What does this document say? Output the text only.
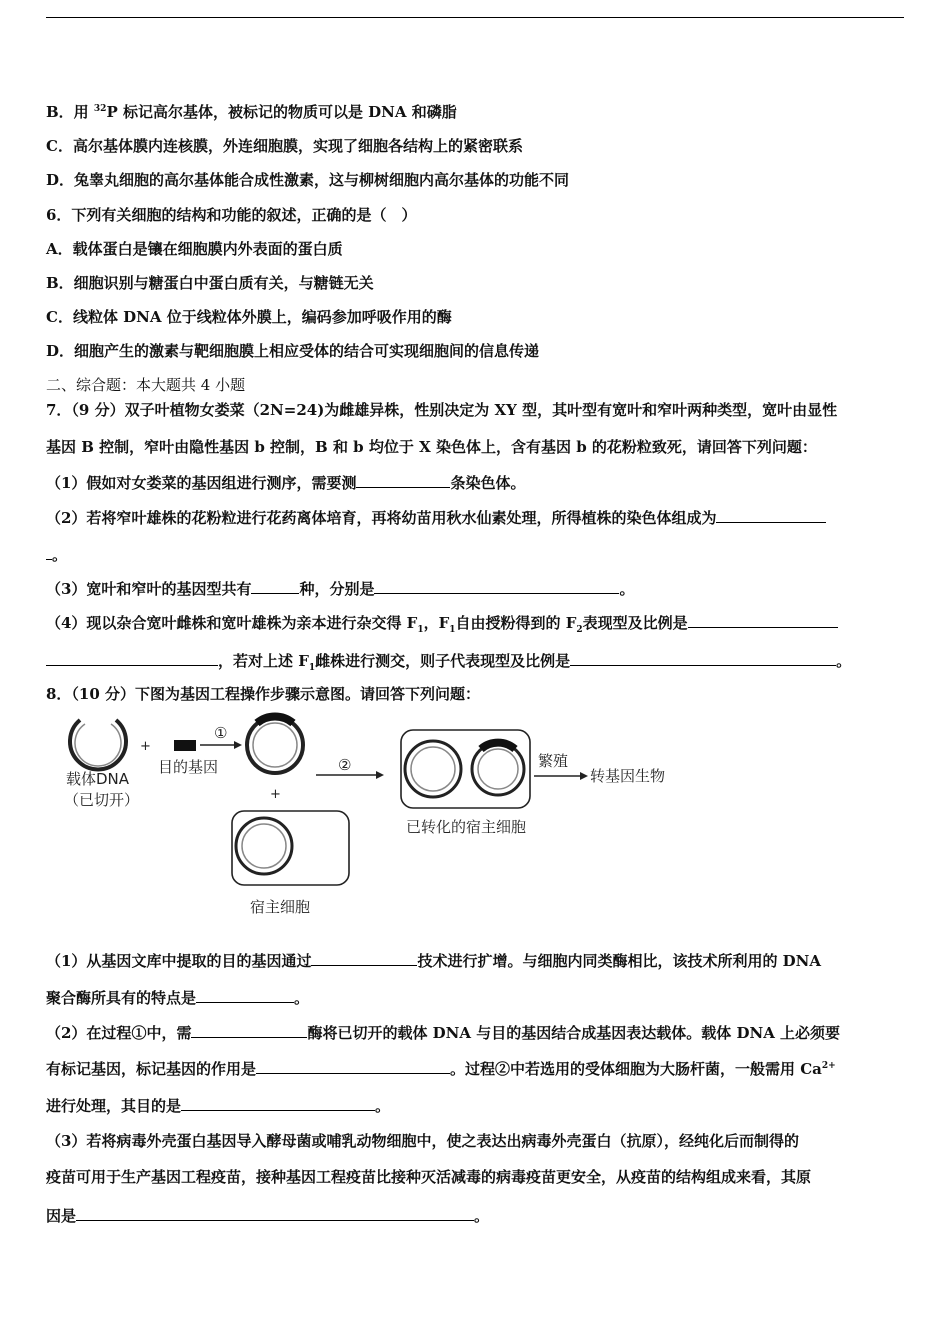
B．用 $^{32}$P 标记高尔基体，被标记的物质可以是 DNA 和磷脂
C．高尔基体膜内连核膜，外连细胞膜，实现了细胞各结构上的紧密联系
D．兔睾丸细胞的高尔基体能合成性激素，这与柳树细胞内高尔基体的功能不同
6．下列有关细胞的结构和功能的叙述，正确的是（　）
A．载体蛋白是镶在细胞膜内外表面的蛋白质
B．细胞识别与糖蛋白中蛋白质有关，与糖链无关
C．线粒体 DNA 位于线粒体外膜上，编码参加呼吸作用的酶
D．细胞产生的激素与靶细胞膜上相应受体的结合可实现细胞间的信息传递
二、综合题：本大题共 4 小题
7．（9 分）双子叶植物女娄菜（2N=24)为雌雄异株，性别决定为 XY 型，其叶型有宽叶和窄叶两种类型，宽叶由显性
基因 B 控制，窄叶由隐性基因 b 控制，B 和 b 均位于 X 染色体上，含有基因 b 的花粉粒致死，请回答下列问题：
（1）假如对女娄菜的基因组进行测序，需要测	条染色体。
（2）若将窄叶雄株的花粉粒进行花药离体培育，再将幼苗用秋水仙素处理，所得植株的染色体组成为
。
（3）宽叶和窄叶的基因型共有	种，分别是	。
（4）现以杂合宽叶雌株和宽叶雄株为亲本进行杂交得 $F_1$，$F_1$自由授粉得到的 $F_2$表现型及比例是
，若对上述 $F_1$雌株进行测交，则子代表现型及比例是	。
8．（10 分）下图为基因工程操作步骤示意图。请回答下列问题：
载体DNA
（已切开）
+
目的基因
①
+
宿主细胞
②
已转化的宿主细胞
繁殖
转基因生物
（1）从基因文库中提取的目的基因通过	技术进行扩增。与细胞内同类酶相比，该技术所利用的 DNA
聚合酶所具有的特点是	。
（2）在过程①中，需	酶将已切开的载体 DNA 与目的基因结合成基因表达载体。载体 DNA 上必须要
有标记基因，标记基因的作用是	。过程②中若选用的受体细胞为大肠杆菌，一般需用 $Ca^{2+}$
进行处理，其目的是	。
（3）若将病毒外壳蛋白基因导入酵母菌或哺乳动物细胞中，使之表达出病毒外壳蛋白（抗原），经纯化后而制得的
疫苗可用于生产基因工程疫苗，接种基因工程疫苗比接种灭活减毒的病毒疫苗更安全，从疫苗的结构组成来看，其原
因是	。
